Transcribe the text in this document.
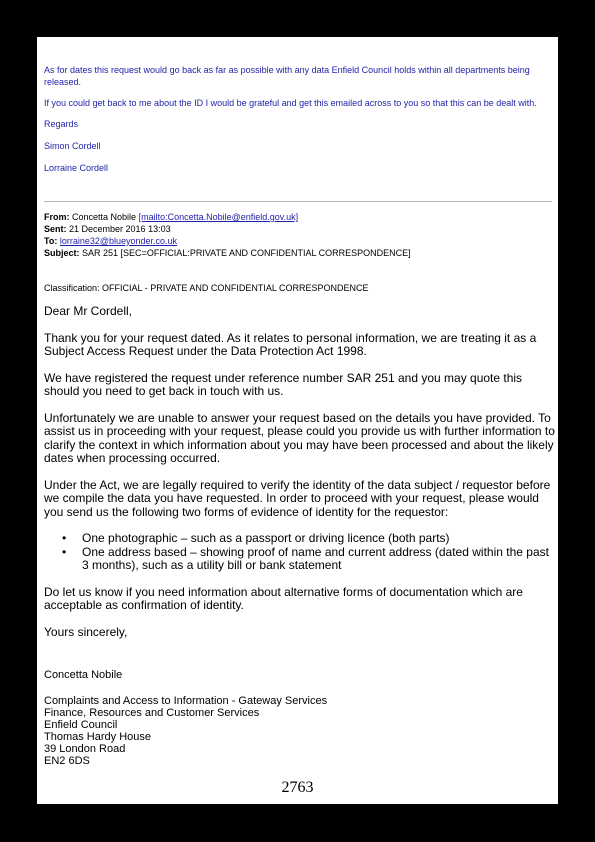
As for dates this request would go back as far as possible with any data Enfield Council holds within all departments being released.

If you could get back to me about the ID I would be grateful and get this emailed across to you so that this can be dealt with.

Regards

Simon Cordell

Lorraine Cordell

From: Concetta Nobile [mailto:Concetta.Nobile@enfield.gov.uk]
Sent: 21 December 2016 13:03
To: lorraine32@blueyonder.co.uk
Subject: SAR 251 [SEC=OFFICIAL:PRIVATE AND CONFIDENTIAL CORRESPONDENCE]
Classification: OFFICIAL - PRIVATE AND CONFIDENTIAL CORRESPONDENCE

Dear Mr Cordell,

Thank you for your request dated. As it relates to personal information, we are treating it as a Subject Access Request under the Data Protection Act 1998.

We have registered the request under reference number SAR 251 and you may quote this should you need to get back in touch with us.

Unfortunately we are unable to answer your request based on the details you have provided. To assist us in proceeding with your request, please could you provide us with further information to clarify the context in which information about you may have been processed and about the likely dates when processing occurred.

Under the Act, we are legally required to verify the identity of the data subject / requestor before we compile the data you have requested. In order to proceed with your request, please would you send us the following two forms of evidence of identity for the requestor:

• One photographic – such as a passport or driving licence (both parts)
• One address based – showing proof of name and current address (dated within the past 3 months), such as a utility bill or bank statement

Do let us know if you need information about alternative forms of documentation which are acceptable as confirmation of identity.

Yours sincerely,

Concetta Nobile
Complaints and Access to Information - Gateway Services
Finance, Resources and Customer Services
Enfield Council
Thomas Hardy House
39 London Road
EN2 6DS
2763
